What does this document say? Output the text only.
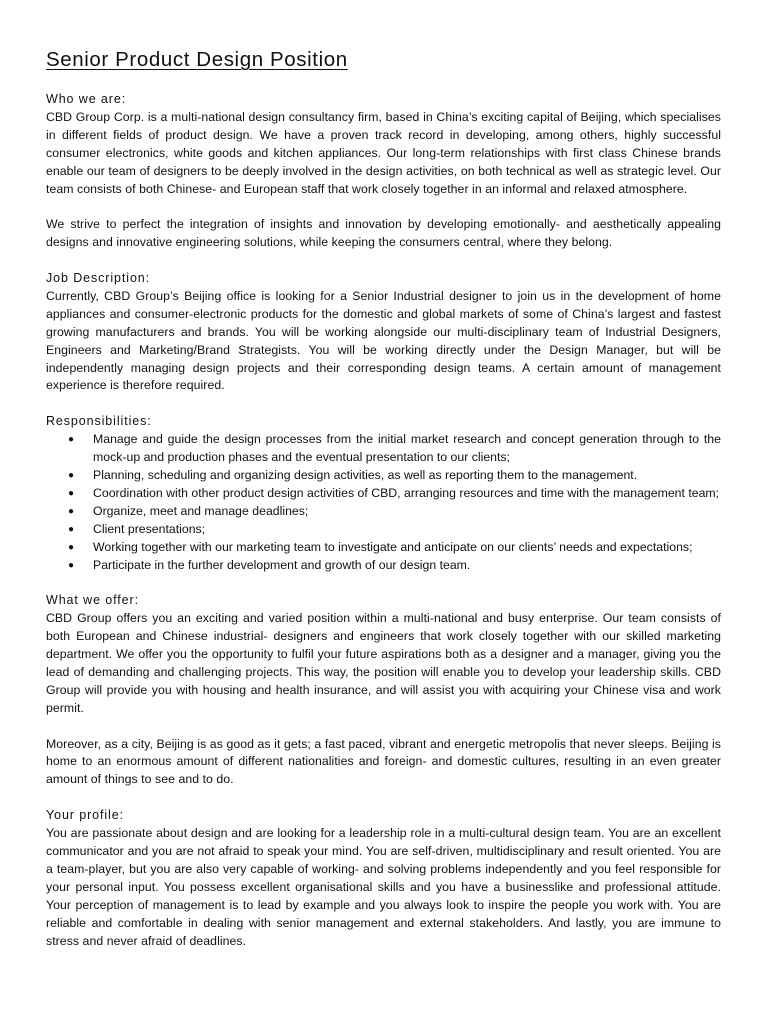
Senior Product Design Position
Who we are:

CBD Group Corp. is a multi-national design consultancy firm, based in China’s exciting capital of Beijing, which specialises in different fields of product design. We have a proven track record in developing, among others, highly successful consumer electronics, white goods and kitchen appliances. Our long-term relationships with first class Chinese brands enable our team of designers to be deeply involved in the design activities, on both technical as well as strategic level. Our team consists of both Chinese- and European staff that work closely together in an informal and relaxed atmosphere.

We strive to perfect the integration of insights and innovation by developing emotionally- and aesthetically appealing designs and innovative engineering solutions, while keeping the consumers central, where they belong.

Job Description:

Currently, CBD Group’s Beijing office is looking for a Senior Industrial designer to join us in the development of home appliances and consumer-electronic products for the domestic and global markets of some of China’s largest and fastest growing manufacturers and brands. You will be working alongside our multi-disciplinary team of Industrial Designers, Engineers and Marketing/Brand Strategists. You will be working directly under the Design Manager, but will be independently managing design projects and their corresponding design teams. A certain amount of management experience is therefore required.

Responsibilities:
● Manage and guide the design processes from the initial market research and concept generation through to the mock-up and production phases and the eventual presentation to our clients;
● Planning, scheduling and organizing design activities, as well as reporting them to the management.
● Coordination with other product design activities of CBD, arranging resources and time with the management team;
● Organize, meet and manage deadlines;
● Client presentations;
● Working together with our marketing team to investigate and anticipate on our clients’ needs and expectations;
● Participate in the further development and growth of our design team.
What we offer:

CBD Group offers you an exciting and varied position within a multi-national and busy enterprise. Our team consists of both European and Chinese industrial- designers and engineers that work closely together with our skilled marketing department. We offer you the opportunity to fulfil your future aspirations both as a designer and a manager, giving you the lead of demanding and challenging projects. This way, the position will enable you to develop your leadership skills. CBD Group will provide you with housing and health insurance, and will assist you with acquiring your Chinese visa and work permit.

Moreover, as a city, Beijing is as good as it gets; a fast paced, vibrant and energetic metropolis that never sleeps. Beijing is home to an enormous amount of different nationalities and foreign- and domestic cultures, resulting in an even greater amount of things to see and to do.

Your profile:

You are passionate about design and are looking for a leadership role in a multi-cultural design team. You are an excellent communicator and you are not afraid to speak your mind. You are self-driven, multidisciplinary and result oriented. You are a team-player, but you are also very capable of working- and solving problems independently and you feel responsible for your personal input. You possess excellent organisational skills and you have a businesslike and professional attitude. Your perception of management is to lead by example and you always look to inspire the people you work with. You are reliable and comfortable in dealing with senior management and external stakeholders. And lastly, you are immune to stress and never afraid of deadlines.
